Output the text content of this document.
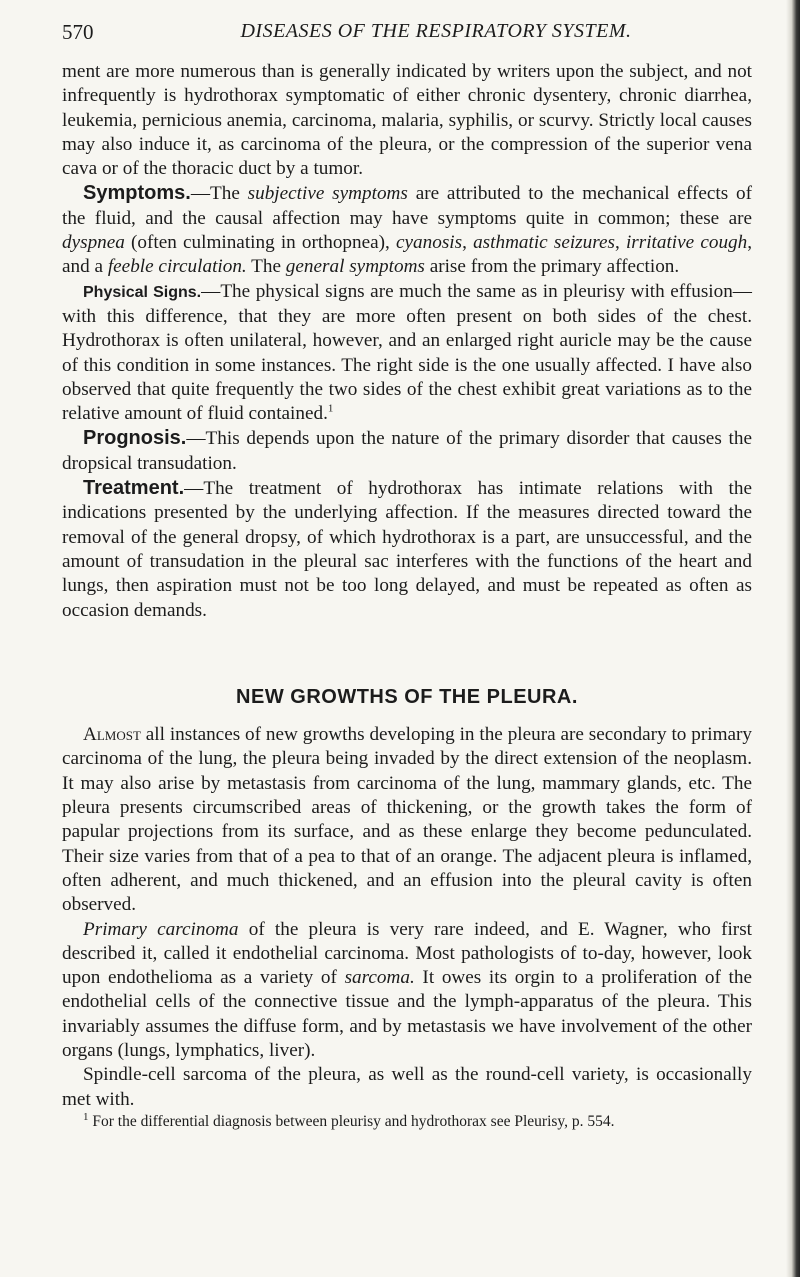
570	DISEASES OF THE RESPIRATORY SYSTEM.

ment are more numerous than is generally indicated by writers upon the subject, and not infrequently is hydrothorax symptomatic of either chronic dysentery, chronic diarrhea, leukemia, pernicious anemia, carcinoma, malaria, syphilis, or scurvy. Strictly local causes may also induce it, as carcinoma of the pleura, or the compression of the superior vena cava or of the thoracic duct by a tumor.

Symptoms.—The subjective symptoms are attributed to the mechanical effects of the fluid, and the causal affection may have symptoms quite in common; these are dyspnea (often culminating in orthopnea), cyanosis, asthmatic seizures, irritative cough, and a feeble circulation. The general symptoms arise from the primary affection.

Physical Signs.—The physical signs are much the same as in pleurisy with effusion—with this difference, that they are more often present on both sides of the chest. Hydrothorax is often unilateral, however, and an enlarged right auricle may be the cause of this condition in some instances. The right side is the one usually affected. I have also observed that quite frequently the two sides of the chest exhibit great variations as to the relative amount of fluid contained.$^1$

Prognosis.—This depends upon the nature of the primary disorder that causes the dropsical transudation.

Treatment.—The treatment of hydrothorax has intimate relations with the indications presented by the underlying affection. If the measures directed toward the removal of the general dropsy, of which hydrothorax is a part, are unsuccessful, and the amount of transudation in the pleural sac interferes with the functions of the heart and lungs, then aspiration must not be too long delayed, and must be repeated as often as occasion demands.

NEW GROWTHS OF THE PLEURA.

Almost all instances of new growths developing in the pleura are secondary to primary carcinoma of the lung, the pleura being invaded by the direct extension of the neoplasm. It may also arise by metastasis from carcinoma of the lung, mammary glands, etc. The pleura presents circumscribed areas of thickening, or the growth takes the form of papular projections from its surface, and as these enlarge they become pedunculated. Their size varies from that of a pea to that of an orange. The adjacent pleura is inflamed, often adherent, and much thickened, and an effusion into the pleural cavity is often observed.

Primary carcinoma of the pleura is very rare indeed, and E. Wagner, who first described it, called it endothelial carcinoma. Most pathologists of to-day, however, look upon endothelioma as a variety of sarcoma. It owes its orgin to a proliferation of the endothelial cells of the connective tissue and the lymph-apparatus of the pleura. This invariably assumes the diffuse form, and by metastasis we have involvement of the other organs (lungs, lymphatics, liver).

Spindle-cell sarcoma of the pleura, as well as the round-cell variety, is occasionally met with.

$^1$ For the differential diagnosis between pleurisy and hydrothorax see Pleurisy, p. 554.
